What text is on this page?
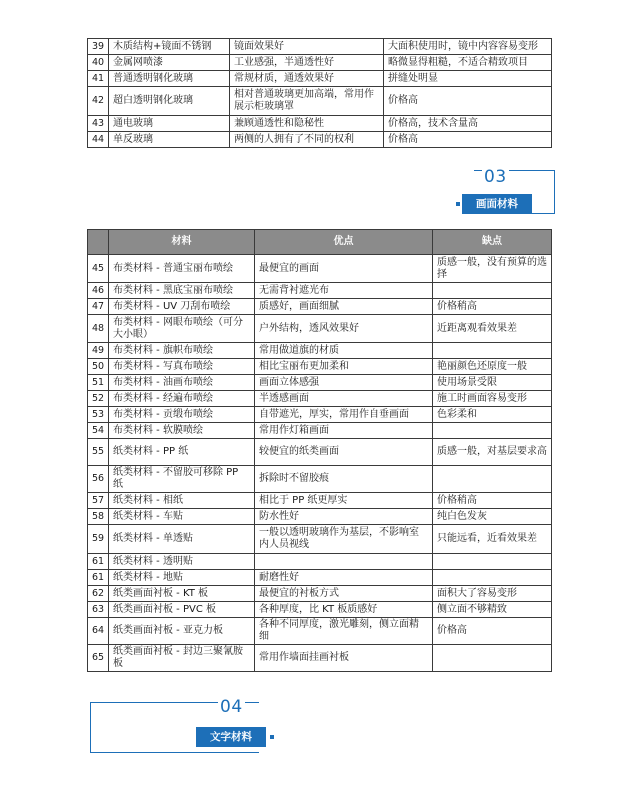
39	木质结构+镜面不锈钢	镜面效果好	大面积使用时，镜中内容容易变形
40	金属网喷漆	工业感强，半通透性好	略微显得粗糙，不适合精致项目
41	普通透明钢化玻璃	常规材质，通透效果好	拼缝处明显
42	超白透明钢化玻璃	相对普通玻璃更加高端，常用作展示柜玻璃罩	价格高
43	通电玻璃	兼顾通透性和隐秘性	价格高，技术含量高
44	单反玻璃	两侧的人拥有了不同的权利	价格高
03
画面材料
	材料	优点	缺点
45	布类材料 - 普通宝丽布喷绘	最便宜的画面	质感一般，没有预算的选择
46	布类材料 - 黑底宝丽布喷绘	无需背衬遮光布	
47	布类材料 - UV 刀刮布喷绘	质感好，画面细腻	价格稍高
48	布类材料 - 网眼布喷绘（可分大小眼）	户外结构，透风效果好	近距离观看效果差
49	布类材料 - 旗帜布喷绘	常用做道旗的材质	
50	布类材料 - 写真布喷绘	相比宝丽布更加柔和	艳丽颜色还原度一般
51	布类材料 - 油画布喷绘	画面立体感强	使用场景受限
52	布类材料 - 经遍布喷绘	半透感画面	施工时画面容易变形
53	布类材料 - 贡缎布喷绘	自带遮光，厚实，常用作自垂画面	色彩柔和
54	布类材料 - 软膜喷绘	常用作灯箱画面	
55	纸类材料 - PP 纸	较便宜的纸类画面	质感一般，对基层要求高
56	纸类材料 - 不留胶可移除 PP 纸	拆除时不留胶痕	
57	纸类材料 - 相纸	相比于 PP 纸更厚实	价格稍高
58	纸类材料 - 车贴	防水性好	纯白色发灰
59	纸类材料 - 单透贴	一般以透明玻璃作为基层，不影响室内人员视线	只能远看，近看效果差
61	纸类材料 - 透明贴		
61	纸类材料 - 地贴	耐磨性好	
62	纸类画面衬板 - KT 板	最便宜的衬板方式	面积大了容易变形
63	纸类画面衬板 - PVC 板	各种厚度，比 KT 板质感好	侧立面不够精致
64	纸类画面衬板 - 亚克力板	各种不同厚度，激光雕刻，侧立面精细	价格高
65	纸类画面衬板 - 封边三聚氰胺板	常用作墙面挂画衬板	
04
文字材料
